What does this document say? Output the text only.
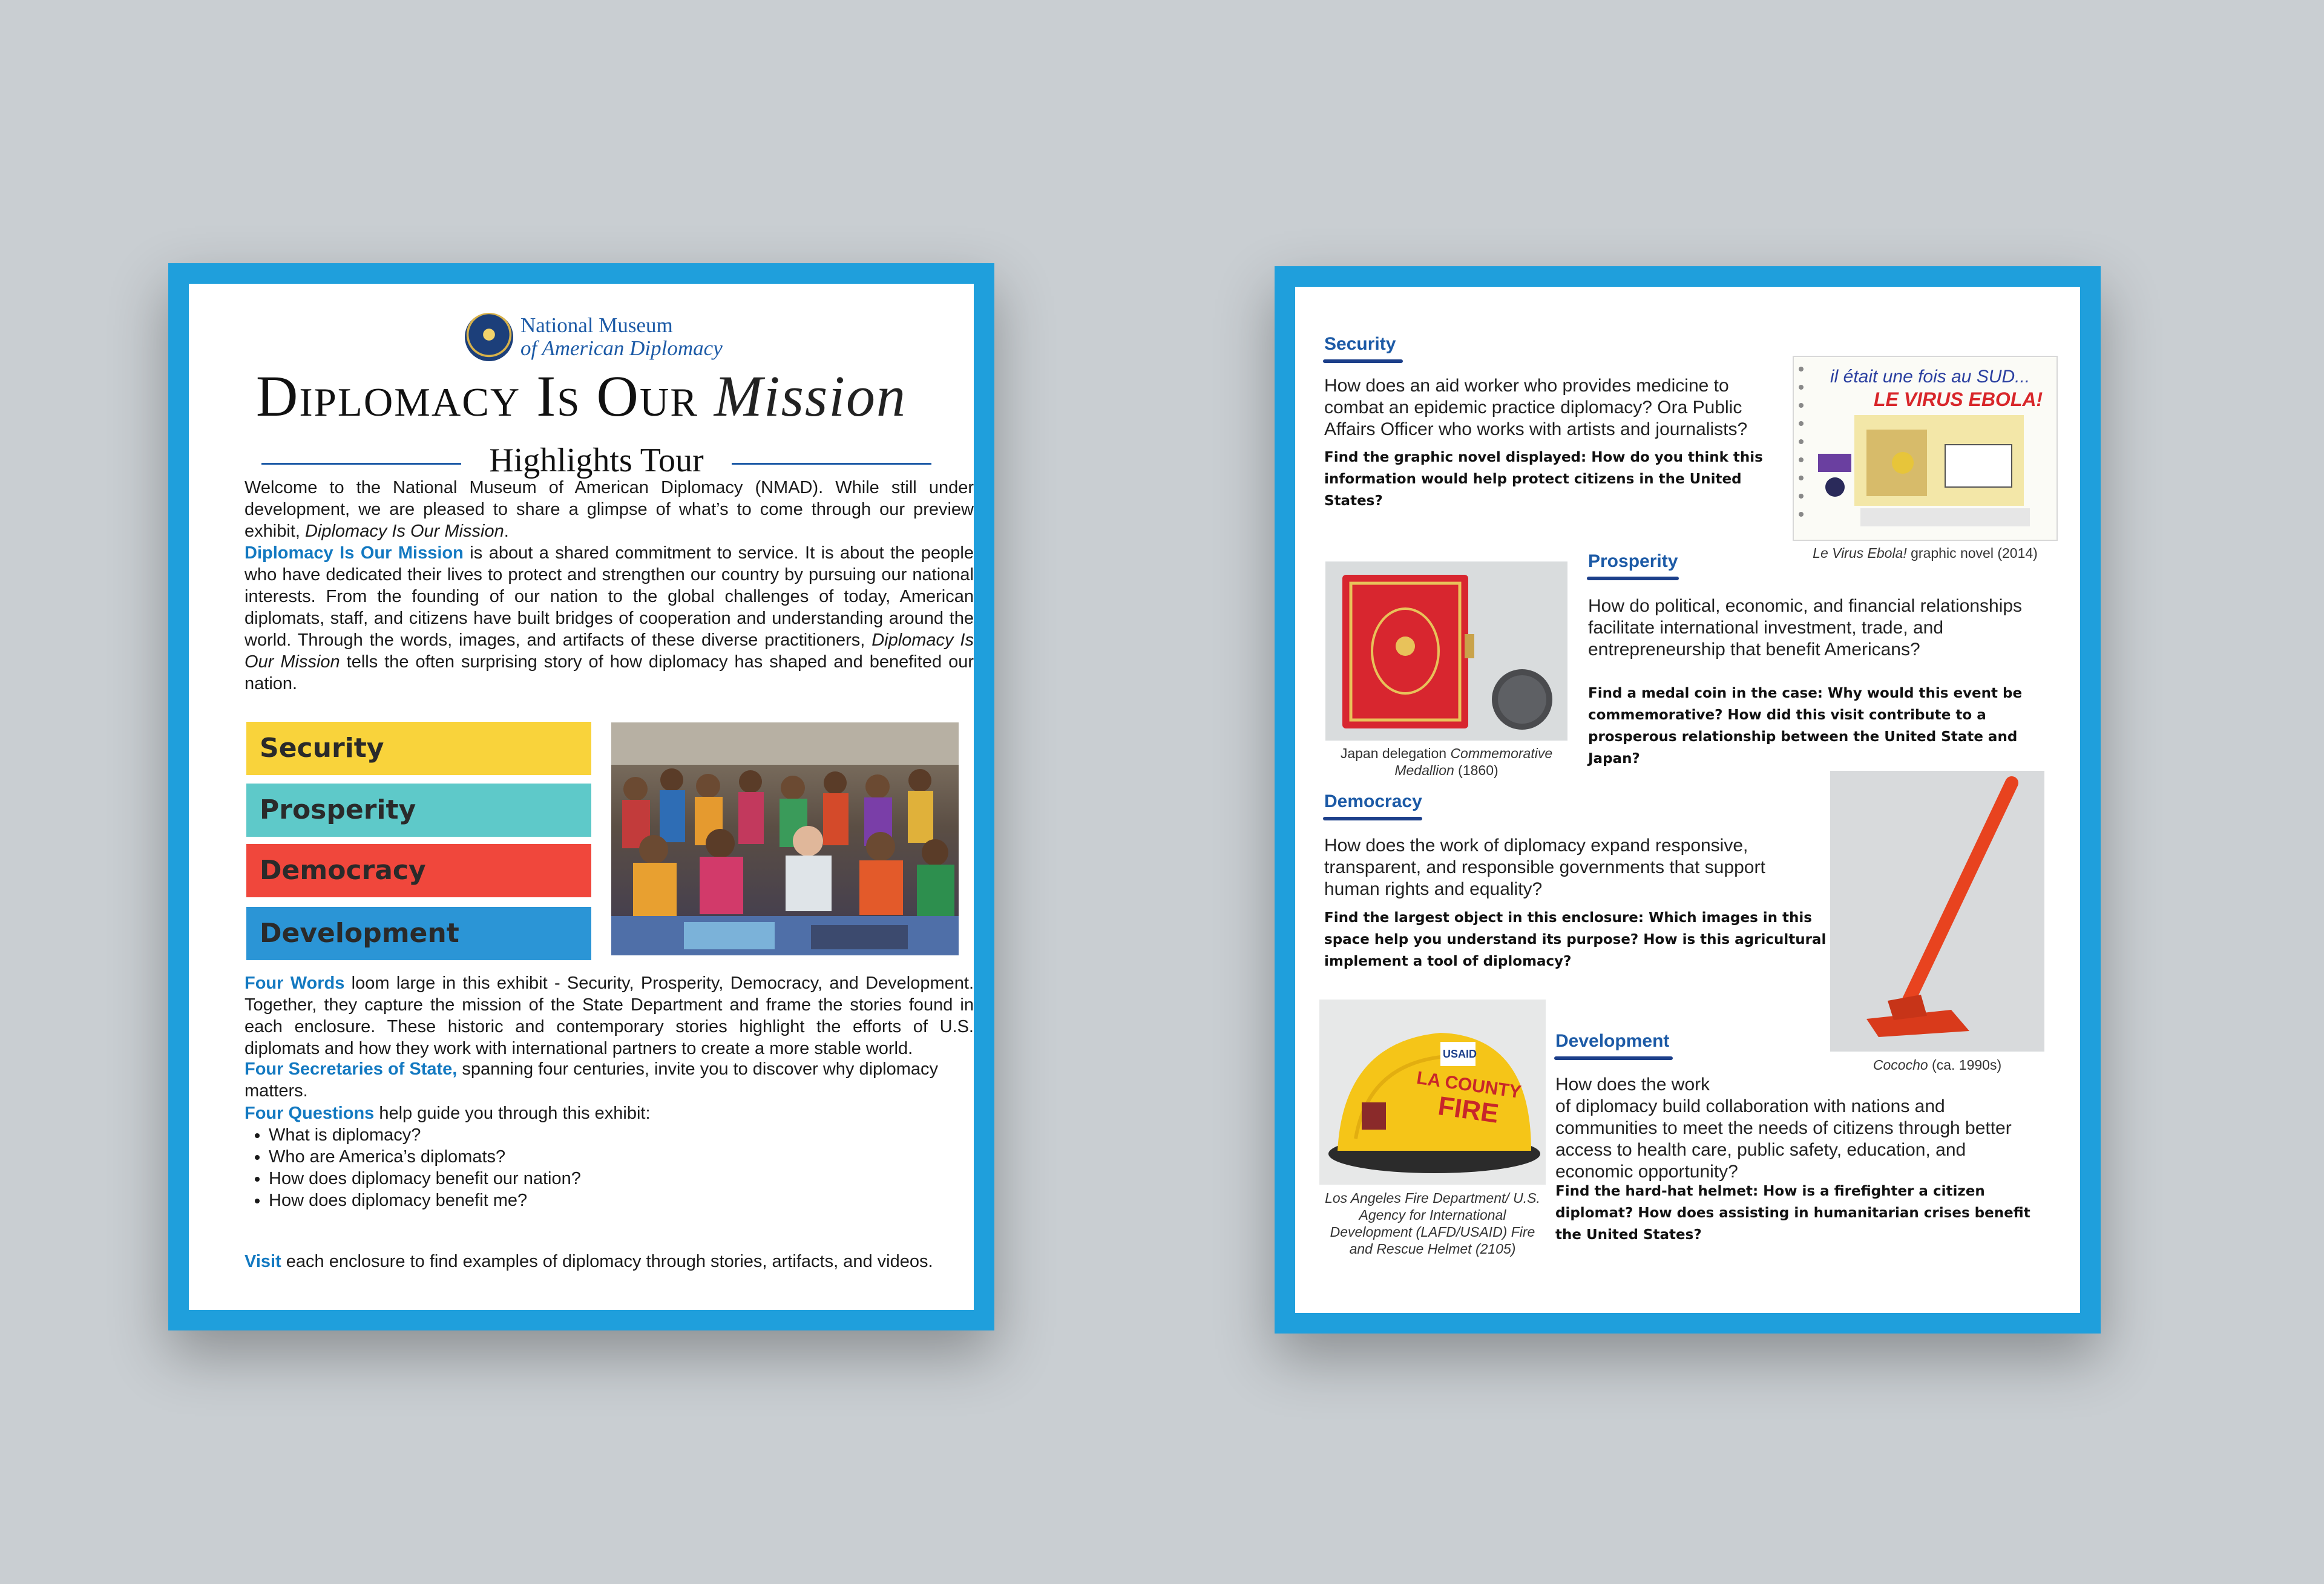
National Museum
of American Diplomacy
Diplomacy Is Our Mission
Highlights Tour
Welcome to the National Museum of American Diplomacy (NMAD). While still under development, we are pleased to share a glimpse of what’s to come through our preview exhibit, Diplomacy Is Our Mission.
Diplomacy Is Our Mission is about a shared commitment to service. It is about the people who have dedicated their lives to protect and strengthen our country by pursuing our national interests. From the founding of our nation to the global challenges of today, American diplomats, staff, and citizens have built bridges of cooperation and understanding around the world. Through the words, images, and artifacts of these diverse practitioners, Diplomacy Is Our Mission tells the often surprising story of how diplomacy has shaped and benefited our nation.
Security
Prosperity
Democracy
Development
Four Words loom large in this exhibit - Security, Prosperity, Democracy, and Development. Together, they capture the mission of the State Department and frame the stories found in each enclosure. These historic and contemporary stories highlight the efforts of U.S. diplomats and how they work with international partners to create a more stable world.
Four Secretaries of State, spanning four centuries, invite you to discover why diplomacy matters.
Four Questions help guide you through this exhibit:
• What is diplomacy?
• Who are America’s diplomats?
• How does diplomacy benefit our nation?
• How does diplomacy benefit me?
Visit each enclosure to find examples of diplomacy through stories, artifacts, and videos.
Security
How does an aid worker who provides medicine to combat an epidemic practice diplomacy? Ora Public Affairs Officer who works with artists and journalists?
Find the graphic novel displayed: How do you think this information would help protect citizens in the United States?
il était une fois au SUD...
LE VIRUS EBOLA!
Le Virus Ebola! graphic novel (2014)
Japan delegation Commemorative Medallion (1860)
Prosperity
How do political, economic, and financial relationships facilitate international investment, trade, and entrepreneurship that benefit Americans?
Find a medal coin in the case: Why would this event be commemorative? How did this visit contribute to a prosperous relationship between the United State and Japan?
Democracy
How does the work of diplomacy expand responsive, transparent, and responsible governments that support human rights and equality?
Find the largest object in this enclosure: Which images in this space help you understand its purpose? How is this agricultural implement a tool of diplomacy?
Cococho (ca. 1990s)
USAID
LA COUNTY
FIRE
Los Angeles Fire Department/ U.S. Agency for International Development (LAFD/USAID) Fire and Rescue Helmet (2105)
Development
How does the work
of diplomacy build collaboration with nations and communities to meet the needs of citizens through better access to health care, public safety, education, and economic opportunity?
Find the hard-hat helmet: How is a firefighter a citizen diplomat? How does assisting in humanitarian crises benefit the United States?
